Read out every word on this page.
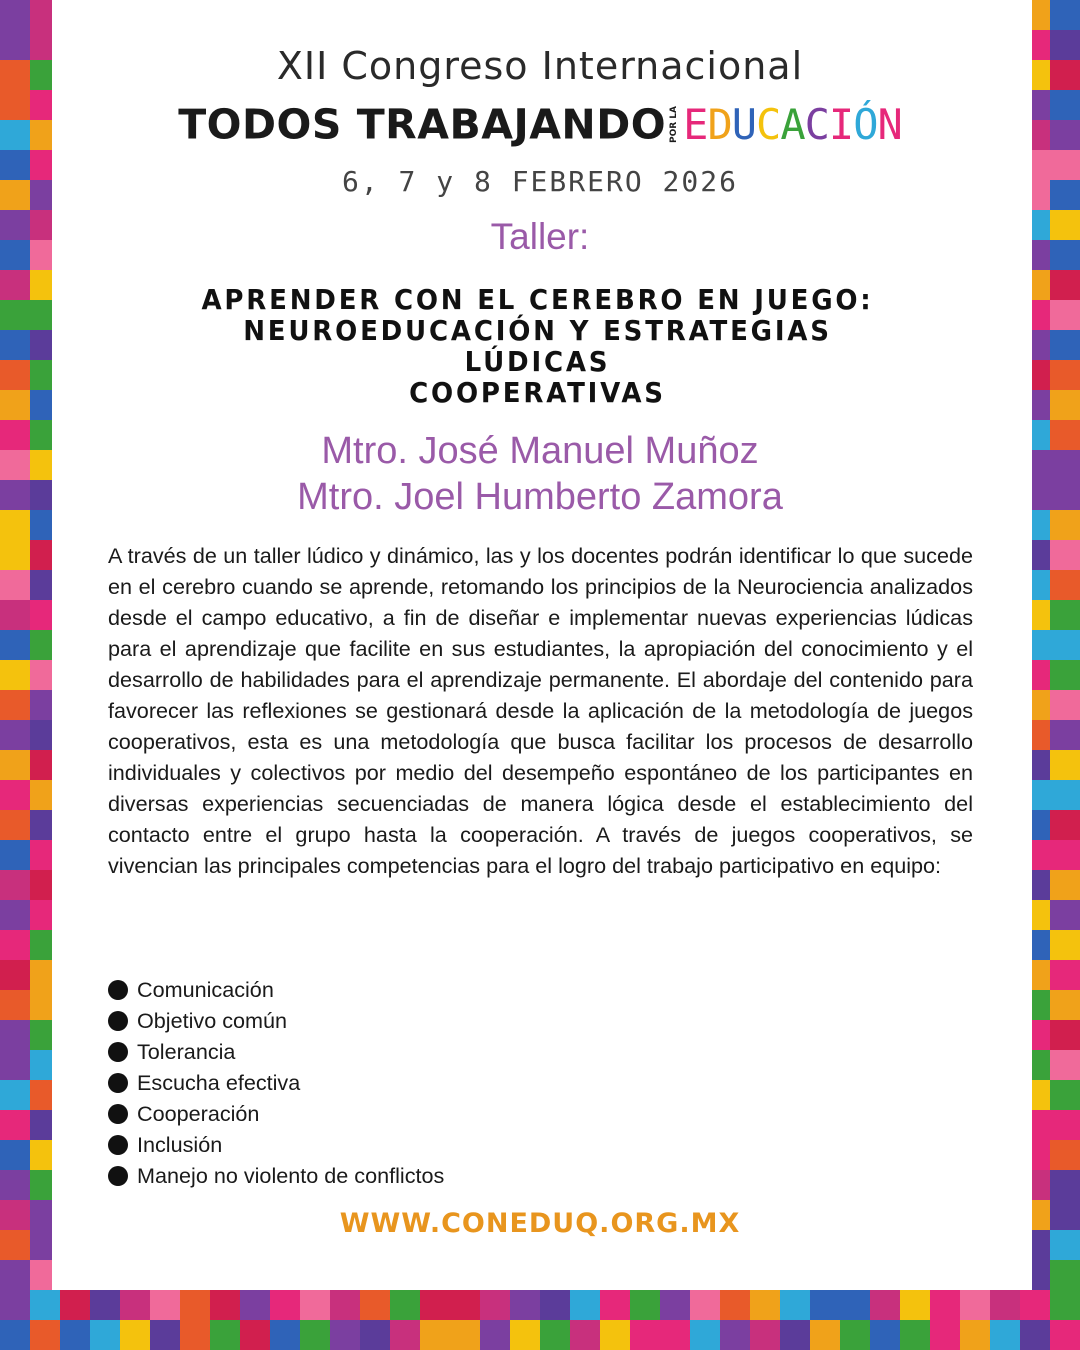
XII Congreso Internacional
TODOS TRABAJANDO POR LAEDUCACIÓN
6, 7 y 8 FEBRERO 2026
Taller:
APRENDER CON EL CEREBRO EN JUEGO:
NEUROEDUCACIÓN Y ESTRATEGIAS LÚDICAS
COOPERATIVAS
Mtro. José Manuel Muñoz
Mtro. Joel Humberto Zamora
A través de un taller lúdico y dinámico, las y los docentes podrán identificar lo que sucede en el cerebro cuando se aprende, retomando los principios de la Neurociencia analizados desde el campo educativo, a fin de diseñar e implementar nuevas experiencias lúdicas para el aprendizaje que facilite en sus estudiantes, la apropiación del conocimiento y el desarrollo de habilidades para el aprendizaje permanente. El abordaje del contenido para favorecer las reflexiones se gestionará desde la aplicación de la metodología de juegos cooperativos, esta es una metodología que busca facilitar los procesos de desarrollo individuales y colectivos por medio del desempeño espontáneo de los participantes en diversas experiencias secuenciadas de manera lógica desde el establecimiento del contacto entre el grupo hasta la cooperación. A través de juegos cooperativos, se vivencian las principales competencias para el logro del trabajo participativo en equipo:
Comunicación
Objetivo común
Tolerancia
Escucha efectiva
Cooperación
Inclusión
Manejo no violento de conflictos
WWW.CONEDUQ.ORG.MX
